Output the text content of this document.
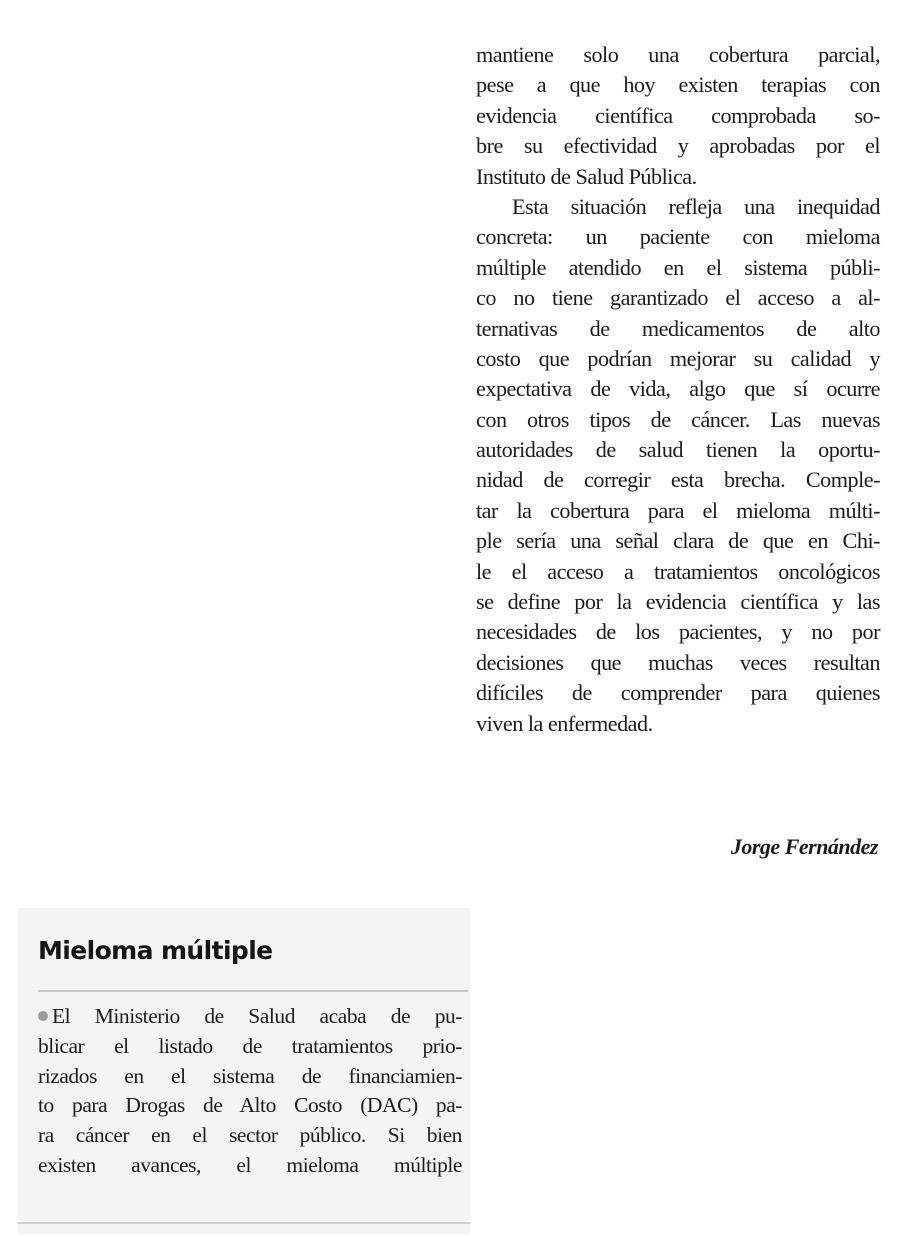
mantiene solo una cobertura parcial,
pese a que hoy existen terapias con
evidencia científica comprobada so-
bre su efectividad y aprobadas por el
Instituto de Salud Pública.
Esta situación refleja una inequidad
concreta: un paciente con mieloma
múltiple atendido en el sistema públi-
co no tiene garantizado el acceso a al-
ternativas de medicamentos de alto
costo que podrían mejorar su calidad y
expectativa de vida, algo que sí ocurre
con otros tipos de cáncer. Las nuevas
autoridades de salud tienen la oportu-
nidad de corregir esta brecha. Comple-
tar la cobertura para el mieloma múlti-
ple sería una señal clara de que en Chi-
le el acceso a tratamientos oncológicos
se define por la evidencia científica y las
necesidades de los pacientes, y no por
decisiones que muchas veces resultan
difíciles de comprender para quienes
viven la enfermedad.
Jorge Fernández
Mieloma múltiple
El Ministerio de Salud acaba de pu-
blicar el listado de tratamientos prio-
rizados en el sistema de financiamien-
to para Drogas de Alto Costo (DAC) pa-
ra cáncer en el sector público. Si bien
existen avances, el mieloma múltiple
